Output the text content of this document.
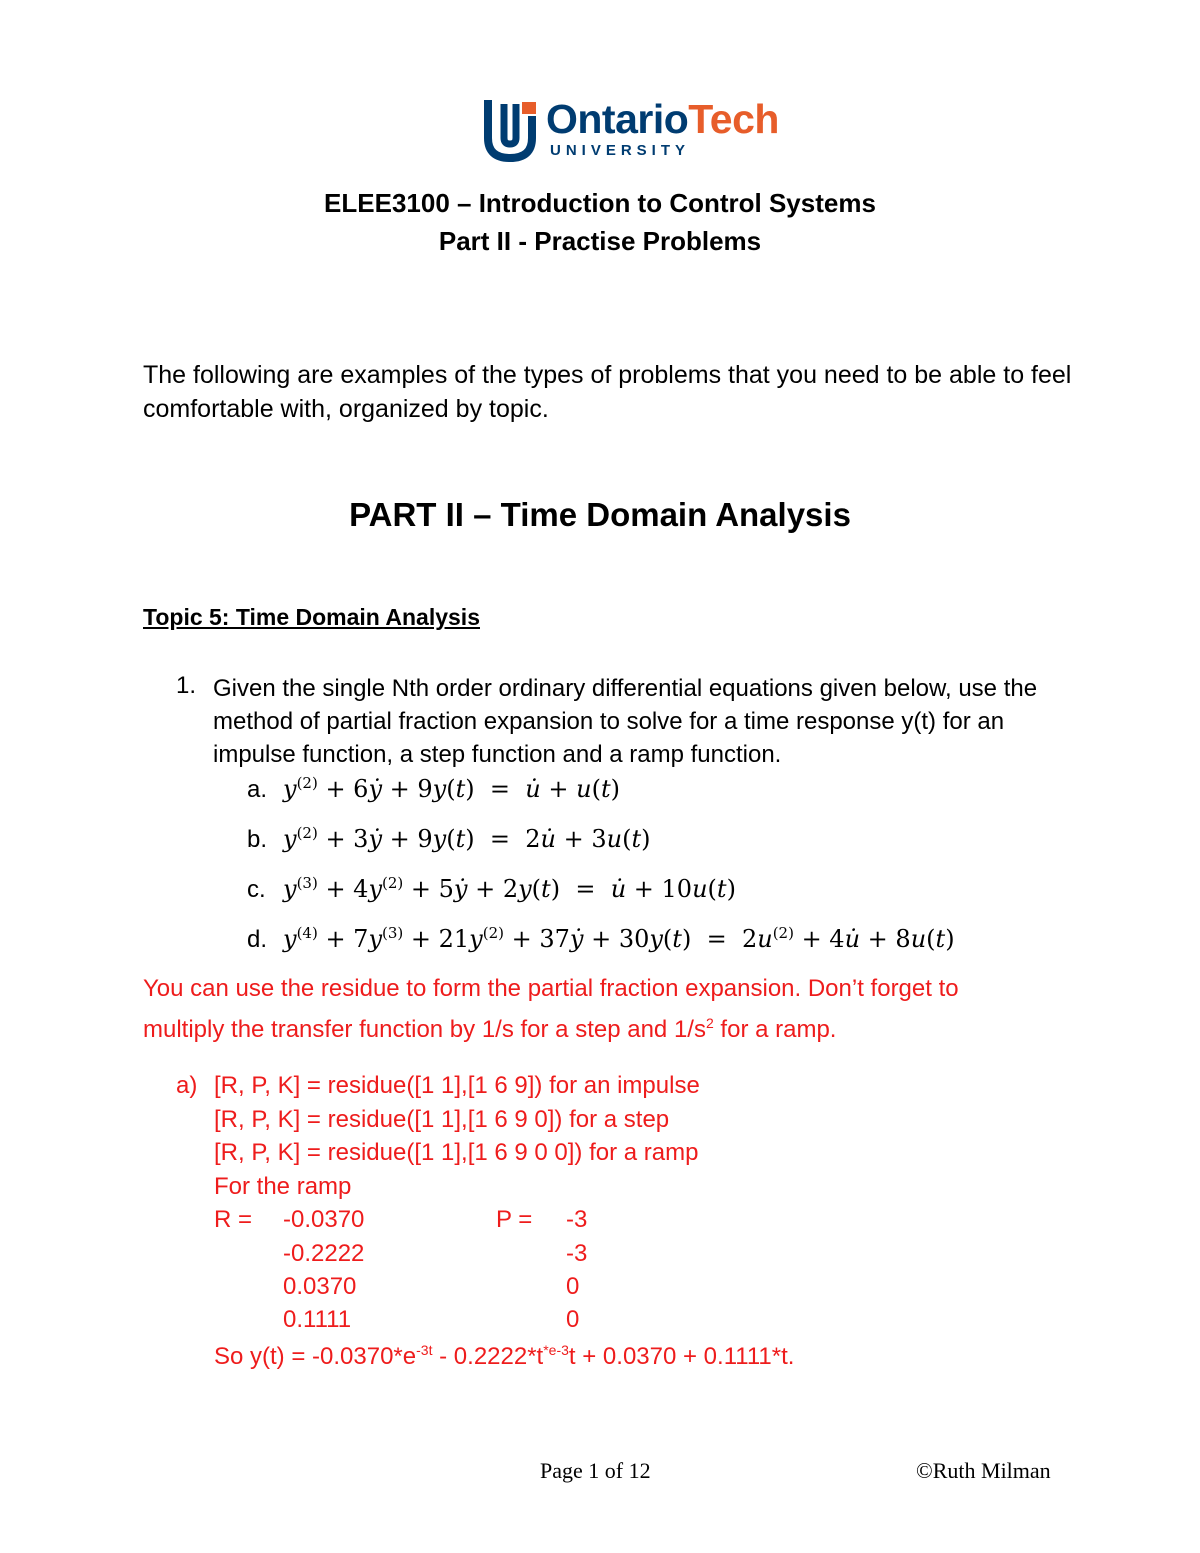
OntarioTech
UNIVERSITY
ELEE3100 – Introduction to Control Systems
Part II - Practise Problems
The following are examples of the types of problems that you need to be able to feel comfortable with, organized by topic.
PART II – Time Domain Analysis
Topic 5: Time Domain Analysis
1. Given the single Nth order ordinary differential equations given below, use the method of partial fraction expansion to solve for a time response y(t) for an impulse function, a step function and a ramp function.
a. $y^{(2)}$ + 6ẏ + 9y(t)  =  u̇ + u(t)
b. $y^{(2)}$ + 3ẏ + 9y(t)  =  2u̇ + 3u(t)
c. $y^{(3)} + 4y^{(2)}$ + 5ẏ + 2y(t)  =  u̇ + 10u(t)
d. $y^{(4)} + 7y^{(3)} + 21y^{(2)}$ + 37ẏ + $30y(t) = 2u^{(2)}$ + 4u̇ + 8u(t)
You can use the residue to form the partial fraction expansion. Don’t forget to
multiply the transfer function by 1/s for a step and $1/s^2$ for a ramp.
a) [R, P, K] = residue([1 1],[1 6 9]) for an impulse
[R, P, K] = residue([1 1],[1 6 9 0]) for a step
[R, P, K] = residue([1 1],[1 6 9 0 0]) for a ramp
For the ramp
R =	P =
-0.0370
-0.2222
0.0370
0.1111
-3
-3
0
0
So $y(t) = -0.0370*e^{-3t} - 0.2222*t^{*e-3}t + 0.0370 + 0.1111*t$.
Page 1 of 12	©Ruth Milman
